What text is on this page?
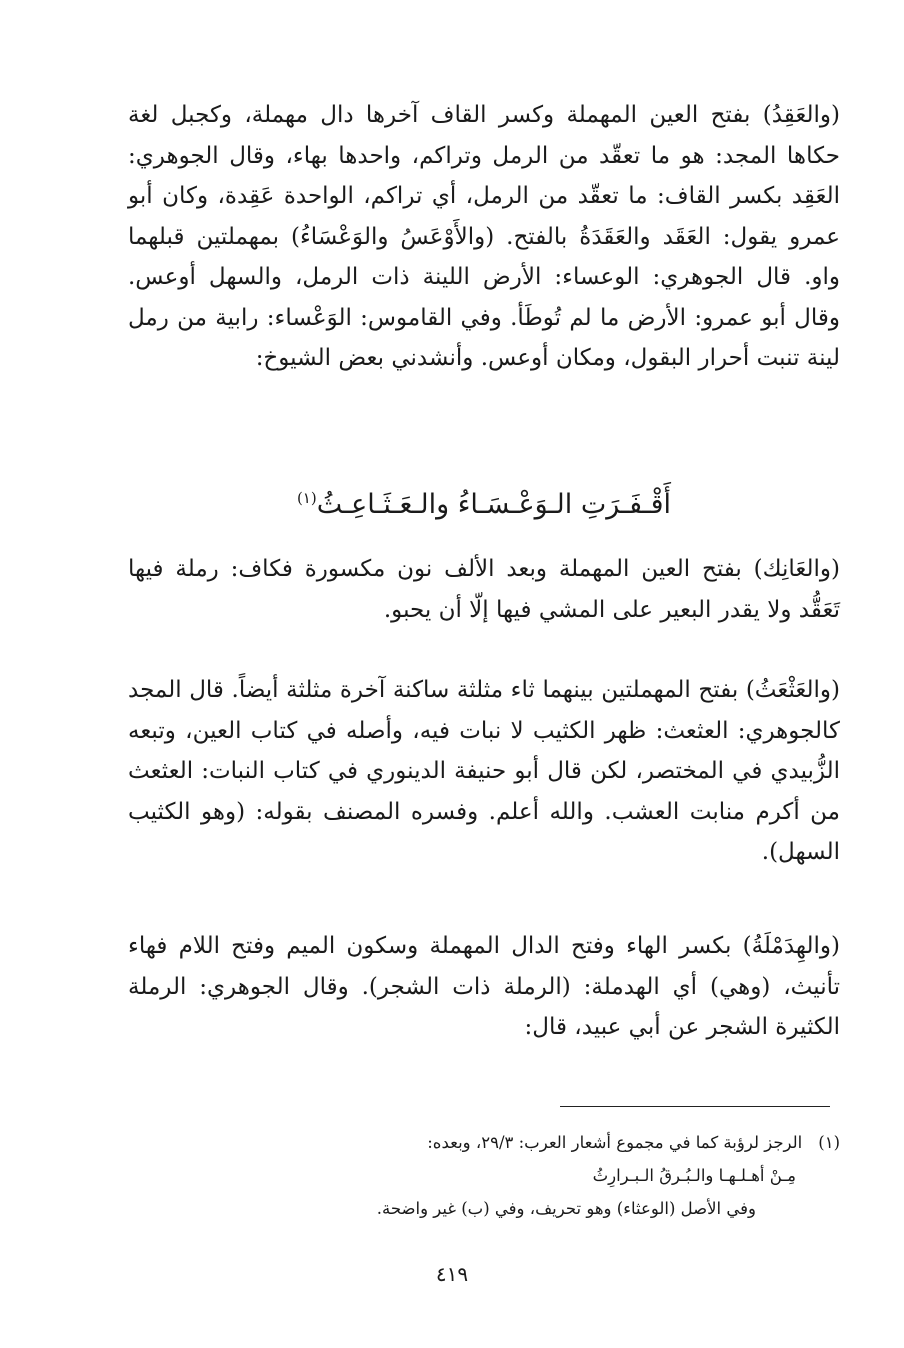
(والعَقِدُ) بفتح العين المهملة وكسر القاف آخرها دال مهملة، وكجبل لغة حكاها المجد: هو ما تعقّد من الرمل وتراكم، واحدها بهاء، وقال الجوهري: العَقِد بكسر القاف: ما تعقّد من الرمل، أي تراكم، الواحدة عَقِدة، وكان أبو عمرو يقول: العَقَد والعَقَدَةُ بالفتح. (والأَوْعَسُ والوَعْسَاءُ) بمهملتين قبلهما واو. قال الجوهري: الوعساء: الأرض اللينة ذات الرمل، والسهل أوعس. وقال أبو عمرو: الأرض ما لم تُوطَأ. وفي القاموس: الوَعْساء: رابية من رمل لينة تنبت أحرار البقول، ومكان أوعس. وأنشدني بعض الشيوخ:

أَقْـفَـرَتِ الـوَعْـسَـاءُ والـعَـثَـاعِـثُ$^{(١)}$

(والعَانِك) بفتح العين المهملة وبعد الألف نون مكسورة فكاف: رملة فيها تَعَقُّد ولا يقدر البعير على المشي فيها إلّا أن يحبو.

(والعَثْعَثُ) بفتح المهملتين بينهما ثاء مثلثة ساكنة آخرة مثلثة أيضاً. قال المجد كالجوهري: العثعث: ظهر الكثيب لا نبات فيه، وأصله في كتاب العين، وتبعه الزُّبيدي في المختصر، لكن قال أبو حنيفة الدينوري في كتاب النبات: العثعث من أكرم منابت العشب. والله أعلم. وفسره المصنف بقوله: (وهو الكثيب السهل).

(والهِدَمْلَةُ) بكسر الهاء وفتح الدال المهملة وسكون الميم وفتح اللام فهاء تأنيث، (وهي) أي الهدملة: (الرملة ذات الشجر). وقال الجوهري: الرملة الكثيرة الشجر عن أبي عبيد، قال:

(١)الرجز لرؤبة كما في مجموع أشعار العرب: ٢٩/٣، وبعده:
مِـنْ أهـلـهـا والـبُـرقُ الـبـرارِثُ
وفي الأصل (الوعثاء) وهو تحريف، وفي (ب) غير واضحة.
٤١٩
